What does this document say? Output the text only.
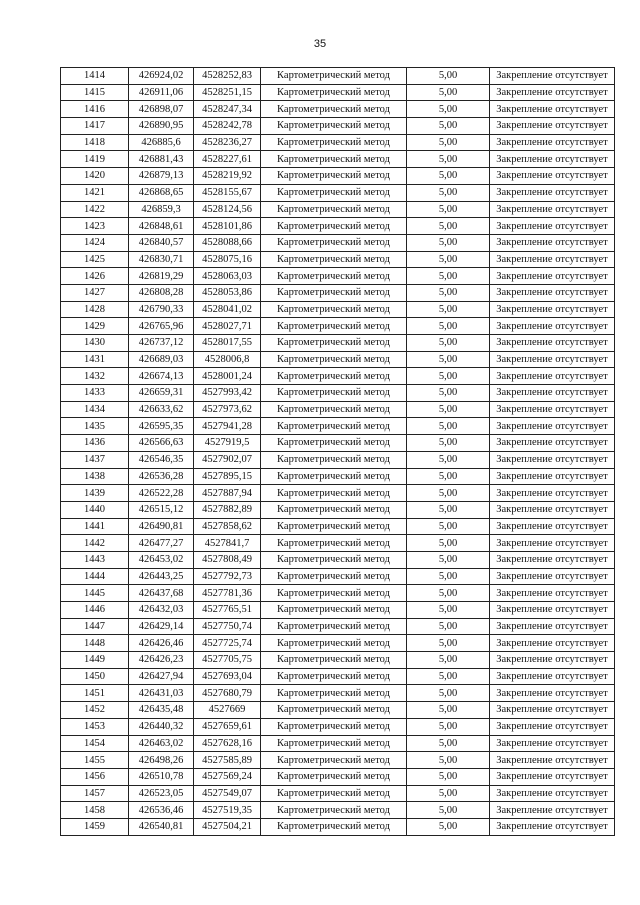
35
1414	426924,02	4528252,83	Картометрический метод	5,00	Закрепление отсутствует
1415	426911,06	4528251,15	Картометрический метод	5,00	Закрепление отсутствует
1416	426898,07	4528247,34	Картометрический метод	5,00	Закрепление отсутствует
1417	426890,95	4528242,78	Картометрический метод	5,00	Закрепление отсутствует
1418	426885,6	4528236,27	Картометрический метод	5,00	Закрепление отсутствует
1419	426881,43	4528227,61	Картометрический метод	5,00	Закрепление отсутствует
1420	426879,13	4528219,92	Картометрический метод	5,00	Закрепление отсутствует
1421	426868,65	4528155,67	Картометрический метод	5,00	Закрепление отсутствует
1422	426859,3	4528124,56	Картометрический метод	5,00	Закрепление отсутствует
1423	426848,61	4528101,86	Картометрический метод	5,00	Закрепление отсутствует
1424	426840,57	4528088,66	Картометрический метод	5,00	Закрепление отсутствует
1425	426830,71	4528075,16	Картометрический метод	5,00	Закрепление отсутствует
1426	426819,29	4528063,03	Картометрический метод	5,00	Закрепление отсутствует
1427	426808,28	4528053,86	Картометрический метод	5,00	Закрепление отсутствует
1428	426790,33	4528041,02	Картометрический метод	5,00	Закрепление отсутствует
1429	426765,96	4528027,71	Картометрический метод	5,00	Закрепление отсутствует
1430	426737,12	4528017,55	Картометрический метод	5,00	Закрепление отсутствует
1431	426689,03	4528006,8	Картометрический метод	5,00	Закрепление отсутствует
1432	426674,13	4528001,24	Картометрический метод	5,00	Закрепление отсутствует
1433	426659,31	4527993,42	Картометрический метод	5,00	Закрепление отсутствует
1434	426633,62	4527973,62	Картометрический метод	5,00	Закрепление отсутствует
1435	426595,35	4527941,28	Картометрический метод	5,00	Закрепление отсутствует
1436	426566,63	4527919,5	Картометрический метод	5,00	Закрепление отсутствует
1437	426546,35	4527902,07	Картометрический метод	5,00	Закрепление отсутствует
1438	426536,28	4527895,15	Картометрический метод	5,00	Закрепление отсутствует
1439	426522,28	4527887,94	Картометрический метод	5,00	Закрепление отсутствует
1440	426515,12	4527882,89	Картометрический метод	5,00	Закрепление отсутствует
1441	426490,81	4527858,62	Картометрический метод	5,00	Закрепление отсутствует
1442	426477,27	4527841,7	Картометрический метод	5,00	Закрепление отсутствует
1443	426453,02	4527808,49	Картометрический метод	5,00	Закрепление отсутствует
1444	426443,25	4527792,73	Картометрический метод	5,00	Закрепление отсутствует
1445	426437,68	4527781,36	Картометрический метод	5,00	Закрепление отсутствует
1446	426432,03	4527765,51	Картометрический метод	5,00	Закрепление отсутствует
1447	426429,14	4527750,74	Картометрический метод	5,00	Закрепление отсутствует
1448	426426,46	4527725,74	Картометрический метод	5,00	Закрепление отсутствует
1449	426426,23	4527705,75	Картометрический метод	5,00	Закрепление отсутствует
1450	426427,94	4527693,04	Картометрический метод	5,00	Закрепление отсутствует
1451	426431,03	4527680,79	Картометрический метод	5,00	Закрепление отсутствует
1452	426435,48	4527669	Картометрический метод	5,00	Закрепление отсутствует
1453	426440,32	4527659,61	Картометрический метод	5,00	Закрепление отсутствует
1454	426463,02	4527628,16	Картометрический метод	5,00	Закрепление отсутствует
1455	426498,26	4527585,89	Картометрический метод	5,00	Закрепление отсутствует
1456	426510,78	4527569,24	Картометрический метод	5,00	Закрепление отсутствует
1457	426523,05	4527549,07	Картометрический метод	5,00	Закрепление отсутствует
1458	426536,46	4527519,35	Картометрический метод	5,00	Закрепление отсутствует
1459	426540,81	4527504,21	Картометрический метод	5,00	Закрепление отсутствует
